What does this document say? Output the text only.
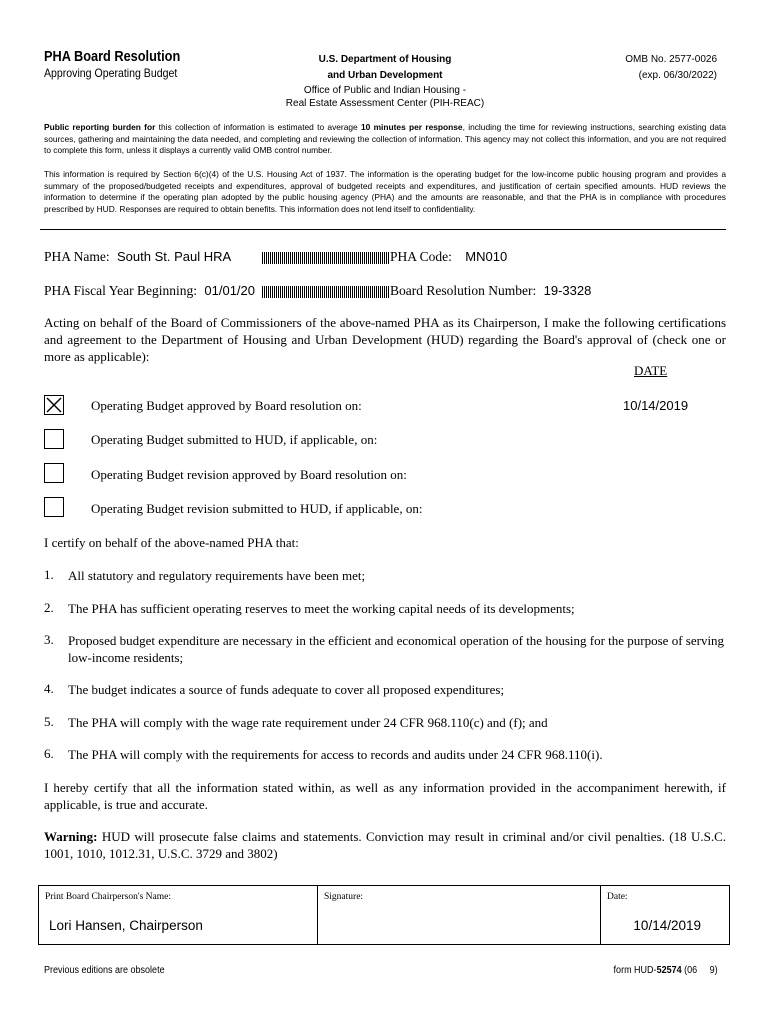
PHA Board Resolution
Approving Operating Budget
U.S. Department of Housing
and Urban Development
Office of Public and Indian Housing -
Real Estate Assessment Center (PIH-REAC)
OMB No. 2577-0026
(exp. 06/30/2022)
Public reporting burden for this collection of information is estimated to average 10 minutes per response, including the time for reviewing instructions, searching existing data sources, gathering and maintaining the data needed, and completing and reviewing the collection of information. This agency may not collect this information, and you are not required to complete this form, unless it displays a currently valid OMB control number.
This information is required by Section 6(c)(4) of the U.S. Housing Act of 1937. The information is the operating budget for the low-income public housing program and provides a summary of the proposed/budgeted receipts and expenditures, approval of budgeted receipts and expenditures, and justification of certain specified amounts. HUD reviews the information to determine if the operating plan adopted by the public housing agency (PHA) and the amounts are reasonable, and that the PHA is in compliance with procedures prescribed by HUD. Responses are required to obtain benefits. This information does not lend itself to confidentiality.
PHA Name: South St. Paul HRA	PHA Code: MN010
PHA Fiscal Year Beginning: 01/01/20	Board Resolution Number: 19-3328
Acting on behalf of the Board of Commissioners of the above-named PHA as its Chairperson, I make the following certifications and agreement to the Department of Housing and Urban Development (HUD) regarding the Board's approval of (check one or more as applicable):
DATE
Operating Budget approved by Board resolution on:	10/14/2019
Operating Budget submitted to HUD, if applicable, on:
Operating Budget revision approved by Board resolution on:
Operating Budget revision submitted to HUD, if applicable, on:
I certify on behalf of the above-named PHA that:
1. All statutory and regulatory requirements have been met;
2. The PHA has sufficient operating reserves to meet the working capital needs of its developments;
3. Proposed budget expenditure are necessary in the efficient and economical operation of the housing for the purpose of serving low-income residents;
4. The budget indicates a source of funds adequate to cover all proposed expenditures;
5. The PHA will comply with the wage rate requirement under 24 CFR 968.110(c) and (f); and
6. The PHA will comply with the requirements for access to records and audits under 24 CFR 968.110(i).
I hereby certify that all the information stated within, as well as any information provided in the accompaniment herewith, if applicable, is true and accurate.
Warning: HUD will prosecute false claims and statements. Conviction may result in criminal and/or civil penalties. (18 U.S.C. 1001, 1010, 1012.31, U.S.C. 3729 and 3802)
Print Board Chairperson's Name:
Lori Hansen, Chairperson

Signature:	Date:
10/14/2019
Previous editions are obsolete	form HUD-52574 (06     9)
